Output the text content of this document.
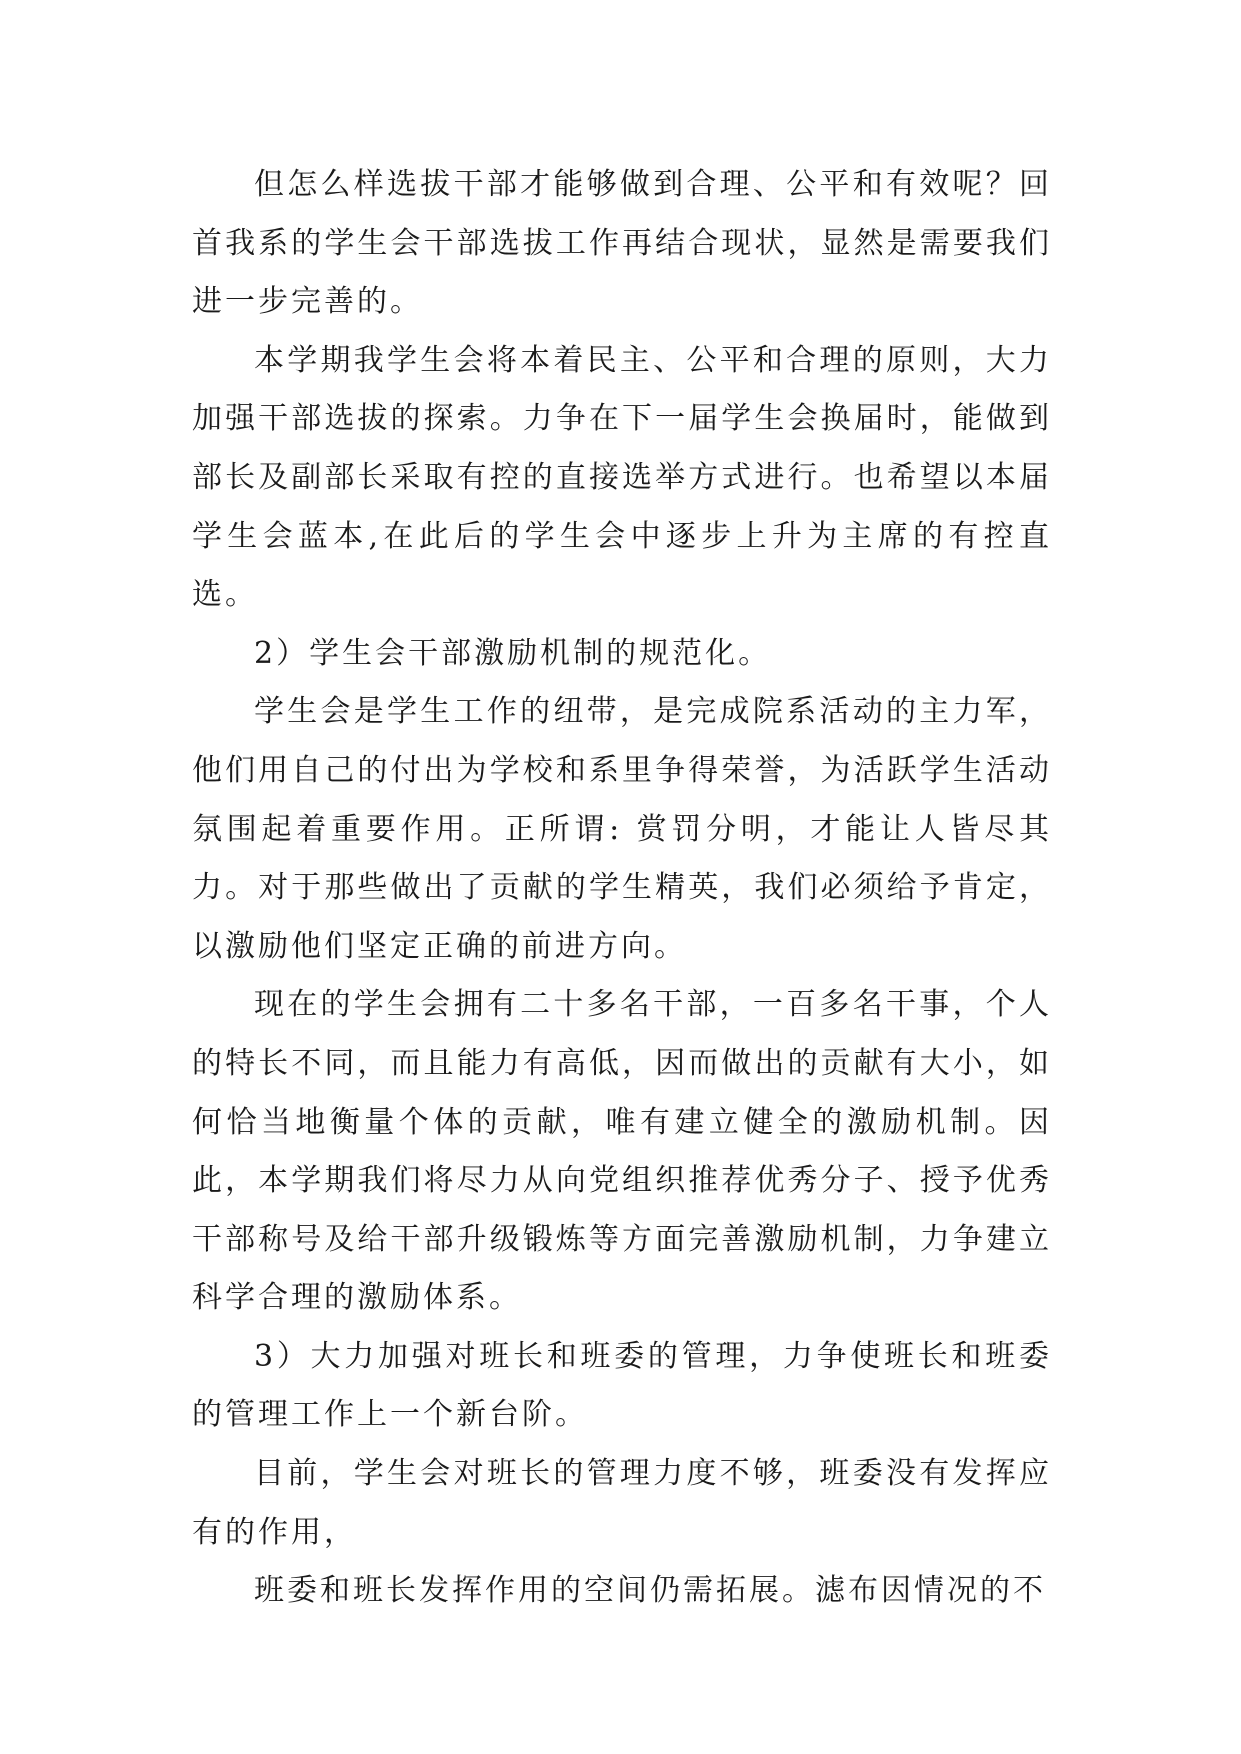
但怎么样选拔干部才能够做到合理、公平和有效呢？回首我系的学生会干部选拔工作再结合现状，显然是需要我们进一步完善的。

本学期我学生会将本着民主、公平和合理的原则，大力加强干部选拔的探索。力争在下一届学生会换届时，能做到部长及副部长采取有控的直接选举方式进行。也希望以本届学生会蓝本,在此后的学生会中逐步上升为主席的有控直选。

2）学生会干部激励机制的规范化。

学生会是学生工作的纽带，是完成院系活动的主力军，他们用自己的付出为学校和系里争得荣誉，为活跃学生活动氛围起着重要作用。正所谓: 赏罚分明，才能让人皆尽其力。对于那些做出了贡献的学生精英，我们必须给予肯定，以激励他们坚定正确的前进方向。

现在的学生会拥有二十多名干部，一百多名干事，个人的特长不同，而且能力有高低，因而做出的贡献有大小，如何恰当地衡量个体的贡献，唯有建立健全的激励机制。因此，本学期我们将尽力从向党组织推荐优秀分子、授予优秀干部称号及给干部升级锻炼等方面完善激励机制，力争建立科学合理的激励体系。

3）大力加强对班长和班委的管理，力争使班长和班委的管理工作上一个新台阶。

目前，学生会对班长的管理力度不够，班委没有发挥应有的作用，

班委和班长发挥作用的空间仍需拓展。滤布因情况的不
